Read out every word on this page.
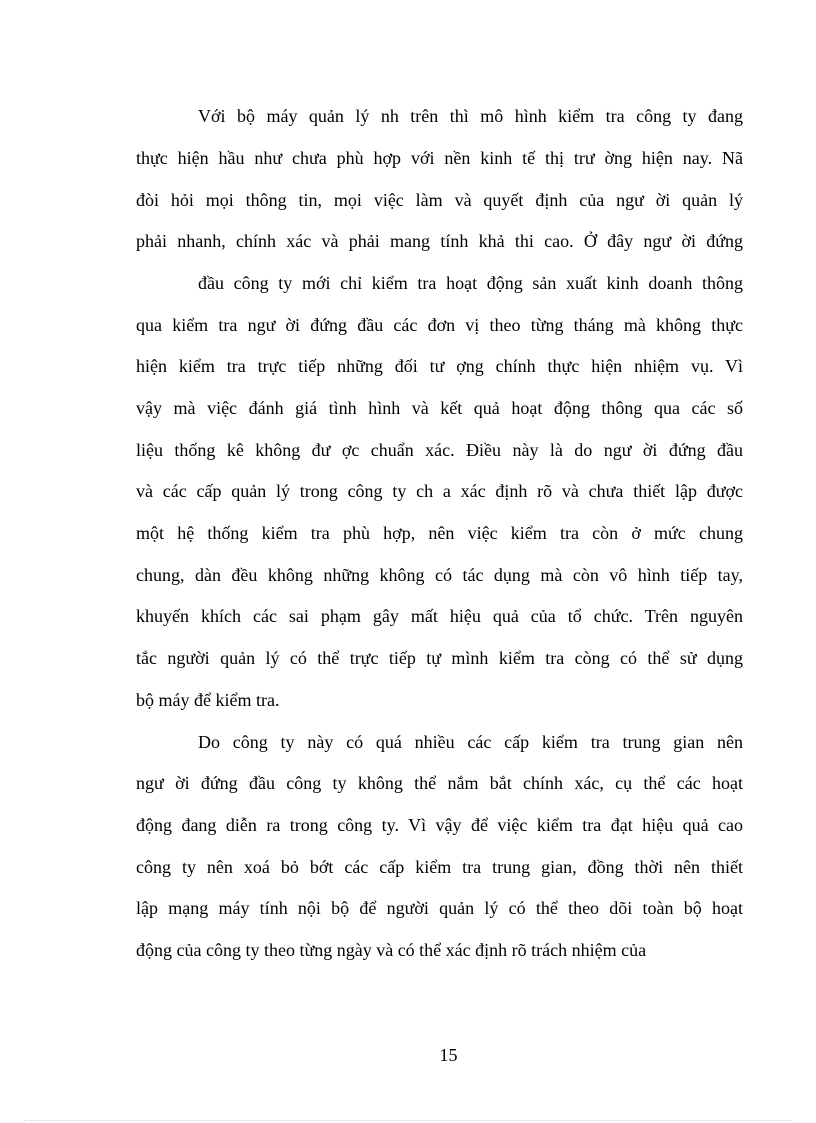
Với bộ máy quản lý nh trên thì mô hình kiểm tra công ty đang
thực hiện hầu như chưa phù hợp với nền kinh tế thị trư ờng hiện nay. Nã
đòi hỏi mọi thông tin, mọi việc làm và quyết định của ngư ời quản lý
phải nhanh, chính xác và phải mang tính khả thi cao. Ở đây ngư ời đứng
đầu công ty mới chỉ kiểm tra hoạt động sản xuất kinh doanh thông
qua kiểm tra ngư ời đứng đầu các đơn vị theo từng tháng mà không thực
hiện kiểm tra trực tiếp những đối tư ợng chính thực hiện nhiệm vụ. Vì
vậy mà việc đánh giá tình hình và kết quả hoạt động thông qua các số
liệu thống kê không đư ợc chuẩn xác. Điều này là do ngư ời đứng đầu
và các cấp quản lý trong công ty ch a xác định rõ và chưa thiết lập được
một hệ thống kiểm tra phù hợp, nên việc kiểm tra còn ở mức chung
chung, dàn đều không những không có tác dụng mà còn vô hình tiếp tay,
khuyến khích các sai phạm gây mất hiệu quả của tổ chức. Trên nguyên
tắc người quản lý có thể trực tiếp tự mình kiểm tra còng có thể sử dụng
bộ máy để kiểm tra.
Do công ty này có quá nhiều các cấp kiểm tra trung gian nên
ngư ời đứng đầu công ty không thể nắm bắt chính xác, cụ thể các hoạt
động đang diễn ra trong công ty. Vì vậy để việc kiểm tra đạt hiệu quả cao
công ty nên xoá bỏ bớt các cấp kiểm tra trung gian, đồng thời nên thiết
lập mạng máy tính nội bộ để người quản lý có thể theo dõi toàn bộ hoạt
động của công ty theo từng ngày và có thể xác định rõ trách nhiệm của
15
